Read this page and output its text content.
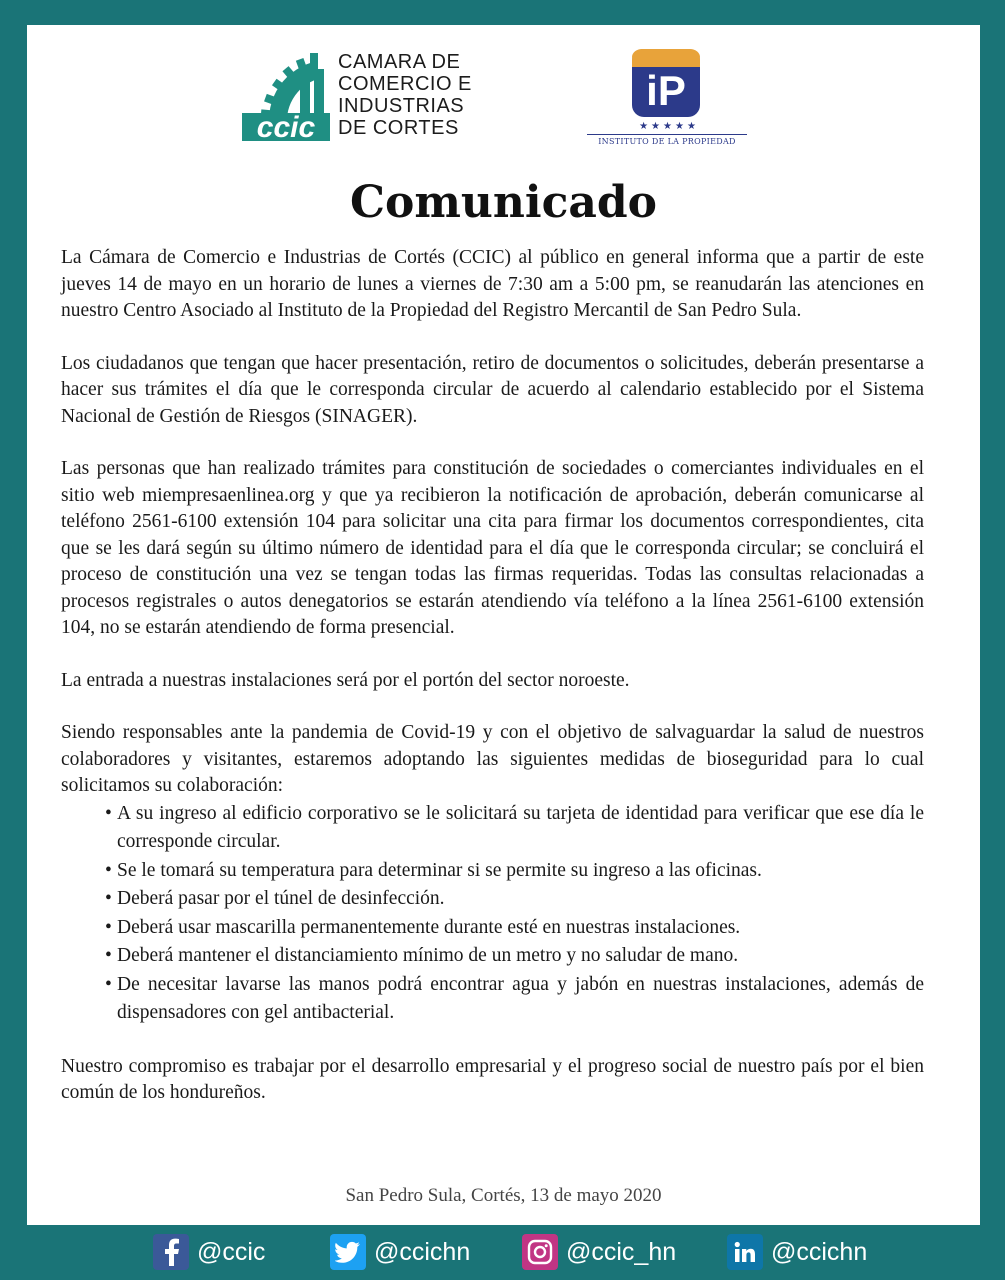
ccic
CAMARA DE
COMERCIO E
INDUSTRIAS
DE CORTES
iP
★★★★★
INSTITUTO DE LA PROPIEDAD
Comunicado

La Cámara de Comercio e Industrias de Cortés (CCIC) al público en general informa que a partir de este jueves 14 de mayo en un horario de lunes a viernes de 7:30 am a 5:00 pm, se reanudarán las atenciones en nuestro Centro Asociado al Instituto de la Propiedad del Registro Mercantil de San Pedro Sula.

Los ciudadanos que tengan que hacer presentación, retiro de documentos o solicitudes, deberán presentarse a hacer sus trámites el día que le corresponda circular de acuerdo al calendario establecido por el Sistema Nacional de Gestión de Riesgos (SINAGER).

Las personas que han realizado trámites para constitución de sociedades o comerciantes individuales en el sitio web miempresaenlinea.org y que ya recibieron la notificación de aprobación, deberán comunicarse al teléfono 2561-6100 extensión 104 para solicitar una cita para firmar los documentos correspondientes, cita que se les dará según su último número de identidad para el día que le corresponda circular; se concluirá el proceso de constitución una vez se tengan todas las firmas requeridas. Todas las consultas relacionadas a procesos registrales o autos denegatorios se estarán atendiendo vía teléfono a la línea 2561-6100 extensión 104, no se estarán atendiendo de forma presencial.

La entrada a nuestras instalaciones será por el portón del sector noroeste.

Siendo responsables ante la pandemia de Covid-19 y con el objetivo de salvaguardar la salud de nuestros colaboradores y visitantes, estaremos adoptando las siguientes medidas de bioseguridad para lo cual solicitamos su colaboración:

• A su ingreso al edificio corporativo se le solicitará su tarjeta de identidad para verificar que ese día le corresponde circular.
• Se le tomará su temperatura para determinar si se permite su ingreso a las oficinas.
• Deberá pasar por el túnel de desinfección.
• Deberá usar mascarilla permanentemente durante esté en nuestras instalaciones.
• Deberá mantener el distanciamiento mínimo de un metro y no saludar de mano.
• De necesitar lavarse las manos podrá encontrar agua y jabón en nuestras instalaciones, además de dispensadores con gel antibacterial.

Nuestro compromiso es trabajar por el desarrollo empresarial y el progreso social de nuestro país por el bien común de los hondureños.

San Pedro Sula, Cortés, 13 de mayo 2020
@ccic	@ccichn	@ccic_hn	@ccichn
